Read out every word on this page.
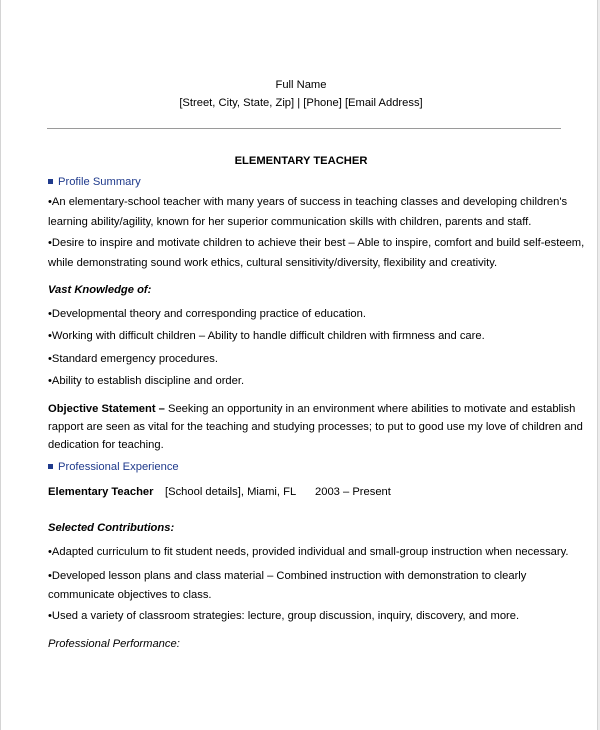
Full Name
[Street, City, State, Zip] | [Phone] [Email Address]
ELEMENTARY TEACHER
Profile Summary
•An elementary-school teacher with many years of success in teaching classes and developing children's
learning ability/agility, known for her superior communication skills with children, parents and staff.
•Desire to inspire and motivate children to achieve their best – Able to inspire, comfort and build self-esteem,
while demonstrating sound work ethics, cultural sensitivity/diversity, flexibility and creativity.
Vast Knowledge of:
•Developmental theory and corresponding practice of education.
•Working with difficult children – Ability to handle difficult children with firmness and care.
•Standard emergency procedures.
•Ability to establish discipline and order.
Objective Statement – Seeking an opportunity in an environment where abilities to motivate and establish
rapport are seen as vital for the teaching and studying processes; to put to good use my love of children and
dedication for teaching.
Professional Experience
Elementary Teacher [School details], Miami, FL 2003 – Present
Selected Contributions:
•Adapted curriculum to fit student needs, provided individual and small-group instruction when necessary.
•Developed lesson plans and class material – Combined instruction with demonstration to clearly
communicate objectives to class.
•Used a variety of classroom strategies: lecture, group discussion, inquiry, discovery, and more.
Professional Performance:
